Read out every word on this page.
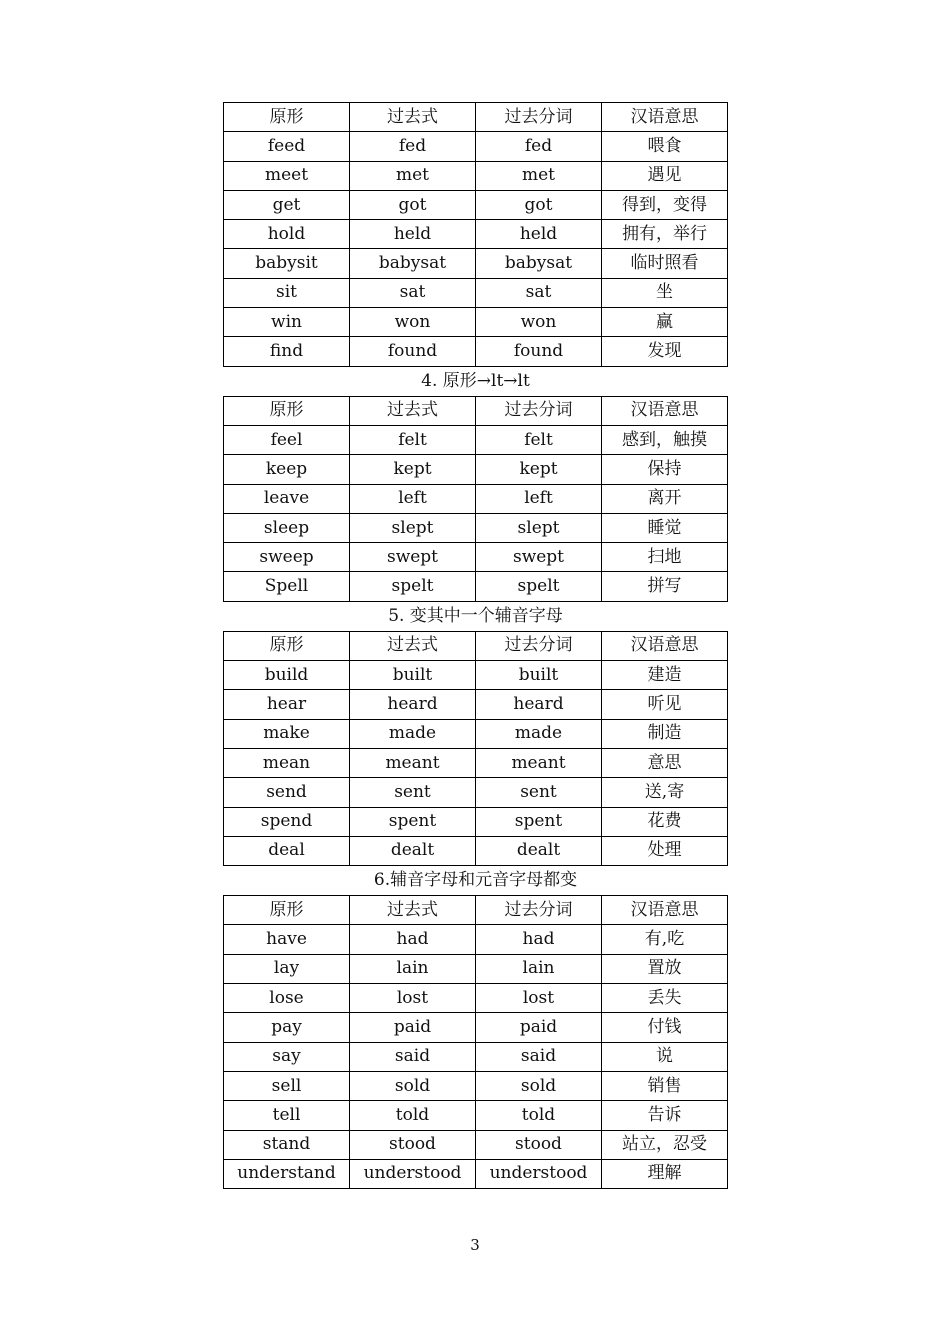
原形	过去式	过去分词	汉语意思
feed	fed	fed	喂食
meet	met	met	遇见
get	got	got	得到，变得
hold	held	held	拥有，举行
babysit	babysat	babysat	临时照看
sit	sat	sat	坐
win	won	won	赢
find	found	found	发现
4. 原形→lt→lt
原形	过去式	过去分词	汉语意思
feel	felt	felt	感到，触摸
keep	kept	kept	保持
leave	left	left	离开
sleep	slept	slept	睡觉
sweep	swept	swept	扫地
Spell	spelt	spelt	拼写
5. 变其中一个辅音字母
原形	过去式	过去分词	汉语意思
build	built	built	建造
hear	heard	heard	听见
make	made	made	制造
mean	meant	meant	意思
send	sent	sent	送,寄
spend	spent	spent	花费
deal	dealt	dealt	处理
6.辅音字母和元音字母都变
原形	过去式	过去分词	汉语意思
have	had	had	有,吃
lay	lain	lain	置放
lose	lost	lost	丢失
pay	paid	paid	付钱
say	said	said	说
sell	sold	sold	销售
tell	told	told	告诉
stand	stood	stood	站立，忍受
understand	understood	understood	理解
3
